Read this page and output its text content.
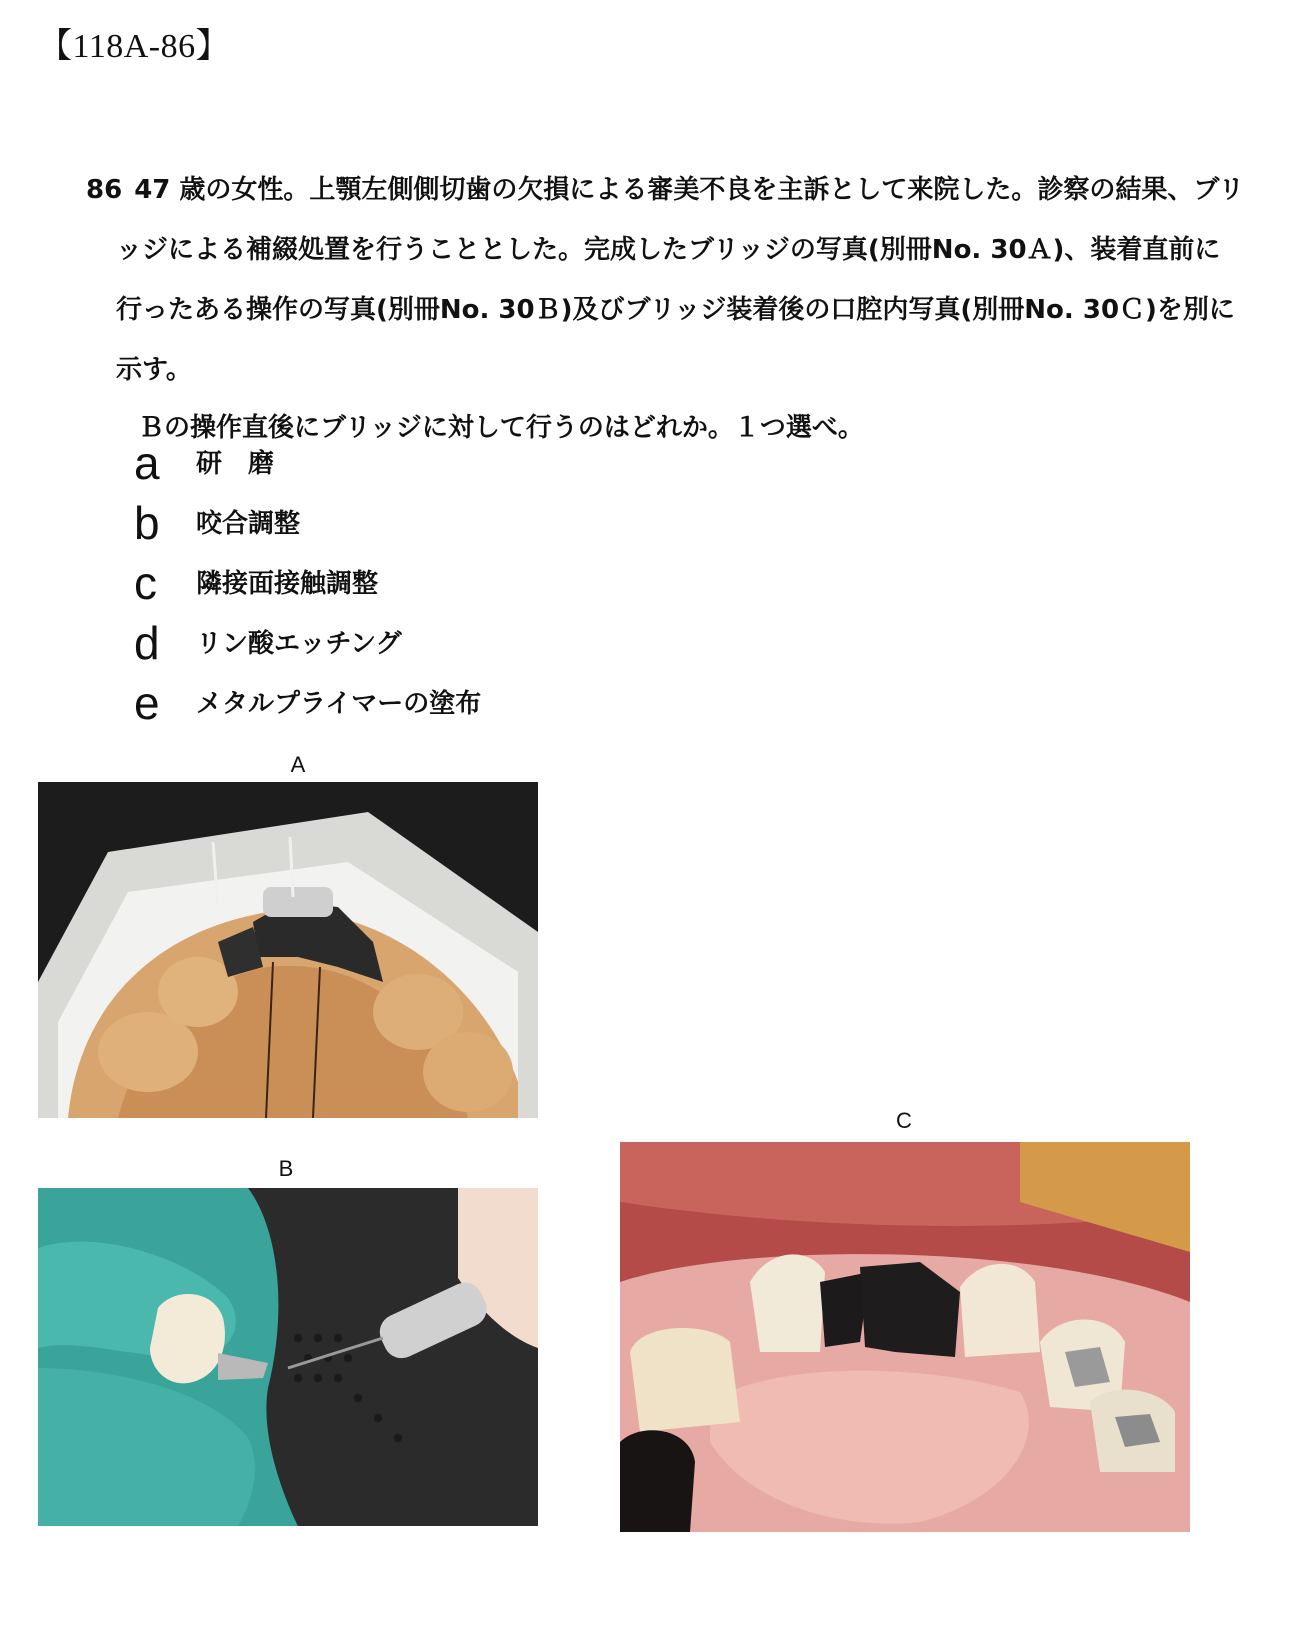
【118A-86】

86 47 歳の女性。上顎左側側切歯の欠損による審美不良を主訴として来院した。診察の結果、ブリッジによる補綴処置を行うこととした。完成したブリッジの写真(別冊No. 30Ａ)、装着直前に行ったある操作の写真(別冊No. 30Ｂ)及びブリッジ装着後の口腔内写真(別冊No. 30Ｃ)を別に示す。

Ｂの操作直後にブリッジに対して行うのはどれか。１つ選べ。

a	研　磨
b	咬合調整
c	隣接面接触調整
d	リン酸エッチング
e	メタルプライマーの塗布
A
B
C
